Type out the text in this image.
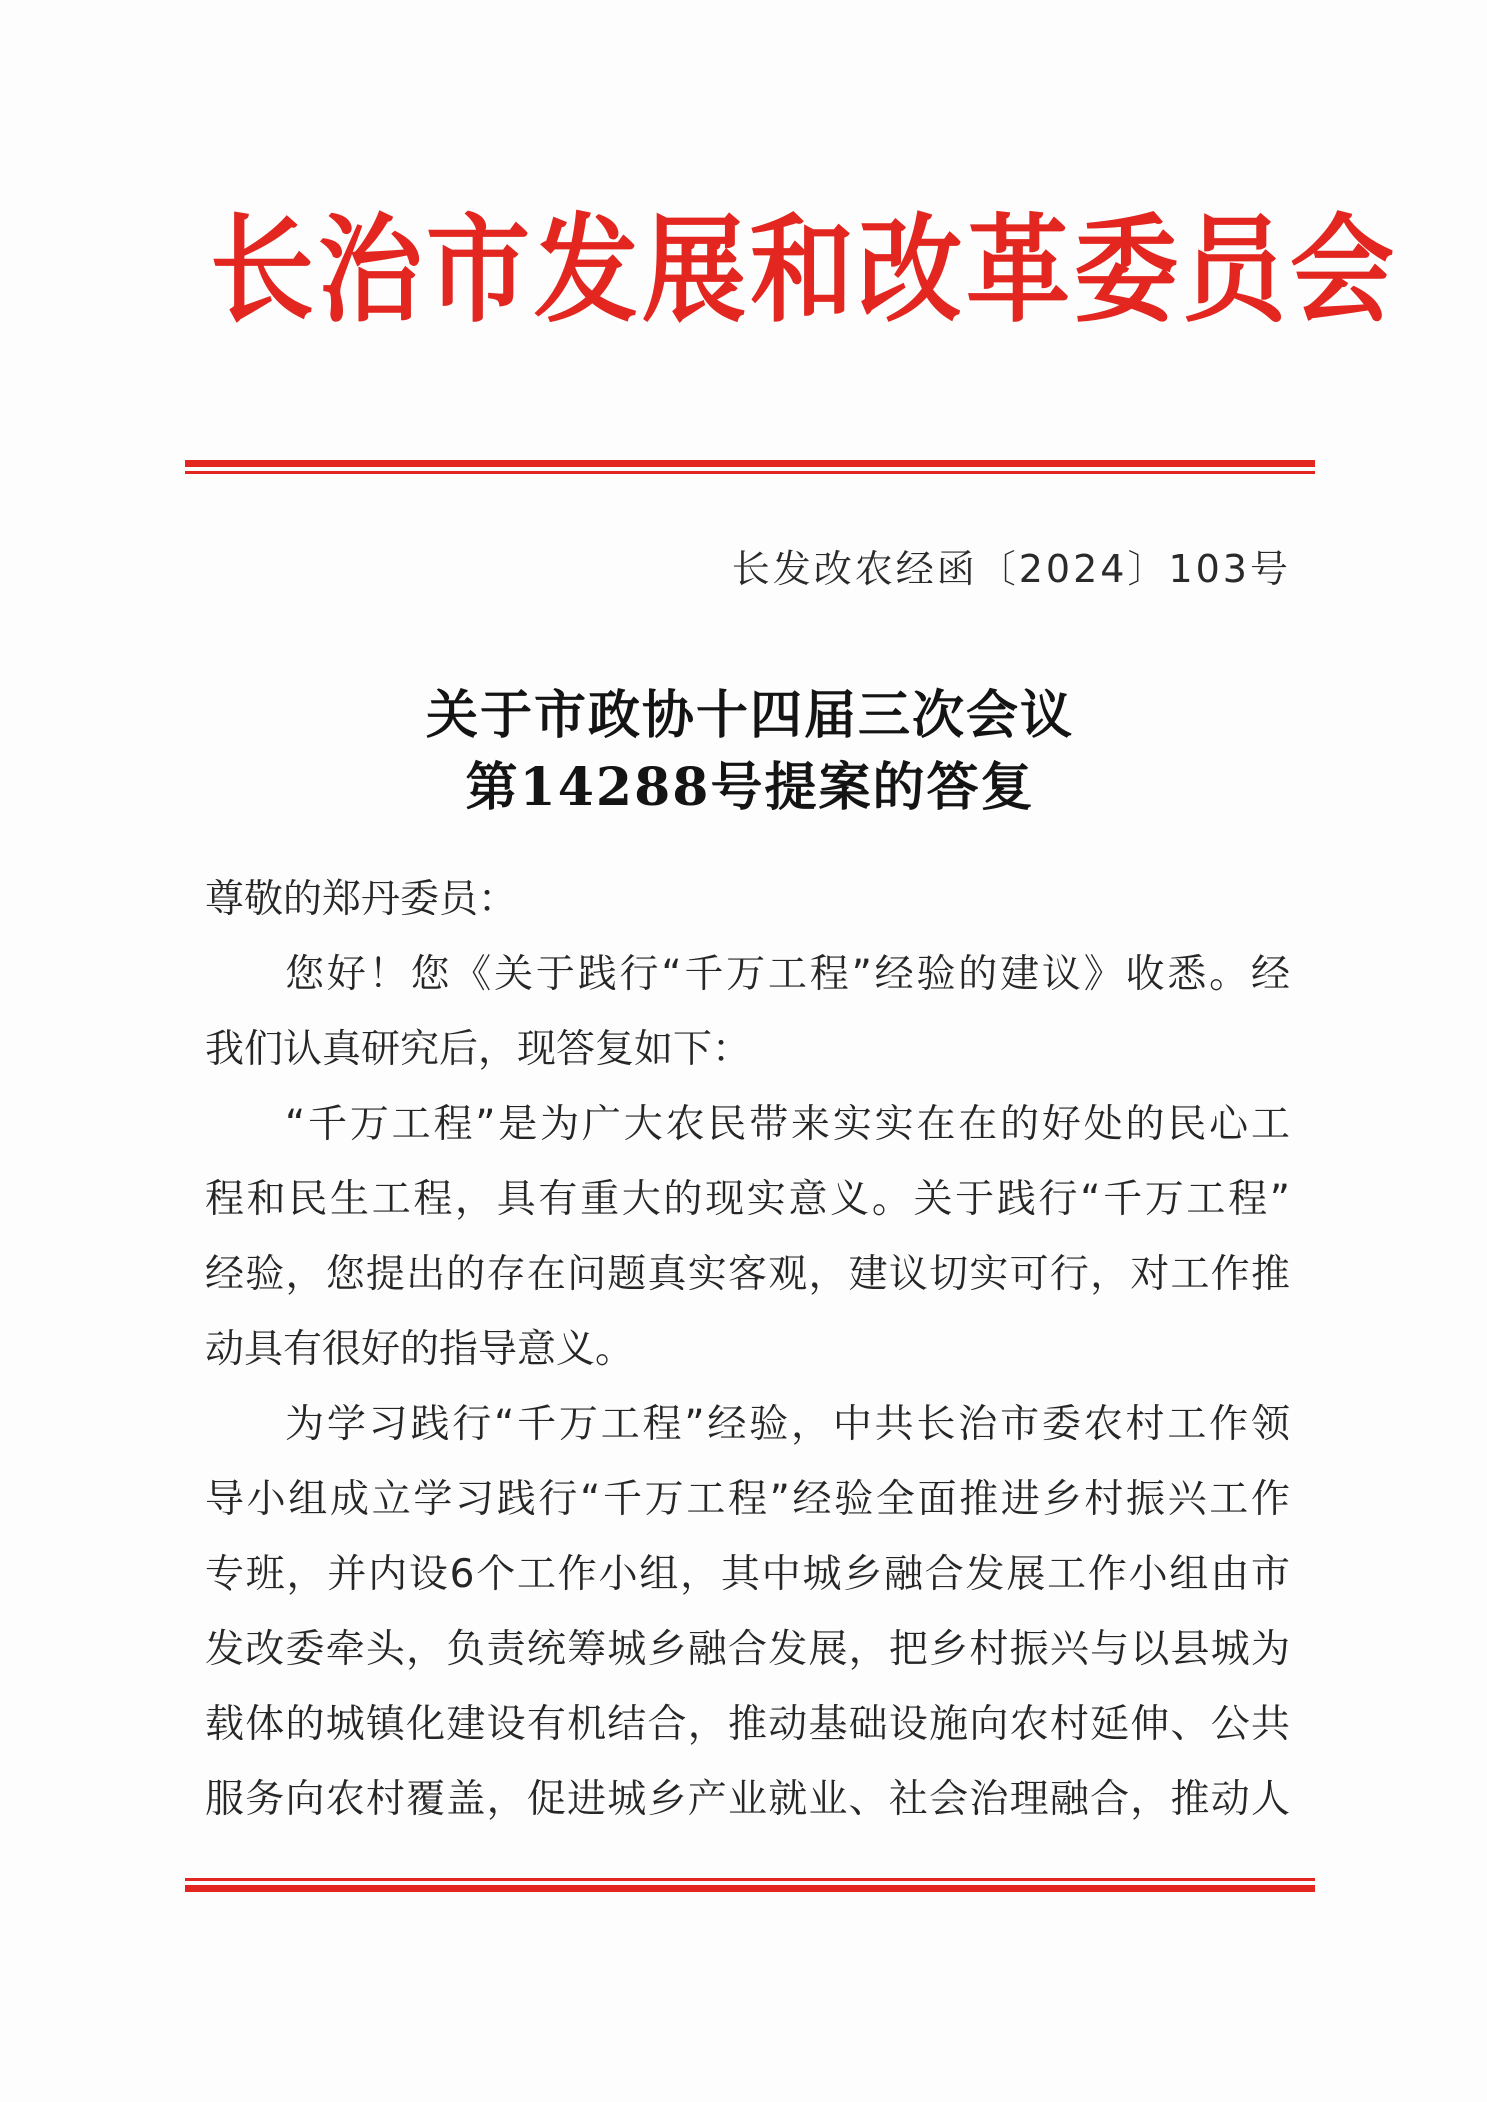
长治市发展和改革委员会
长发改农经函〔2024〕103号
关于市政协十四届三次会议
第14288号提案的答复
尊敬的郑丹委员：
您好！您《关于践行“千万工程”经验的建议》收悉。经
我们认真研究后，现答复如下：
“千万工程”是为广大农民带来实实在在的好处的民心工
程和民生工程，具有重大的现实意义。关于践行“千万工程”
经验，您提出的存在问题真实客观，建议切实可行，对工作推
动具有很好的指导意义。
为学习践行“千万工程”经验，中共长治市委农村工作领
导小组成立学习践行“千万工程”经验全面推进乡村振兴工作
专班，并内设6个工作小组，其中城乡融合发展工作小组由市
发改委牵头，负责统筹城乡融合发展，把乡村振兴与以县城为
载体的城镇化建设有机结合，推动基础设施向农村延伸、公共
服务向农村覆盖，促进城乡产业就业、社会治理融合，推动人
